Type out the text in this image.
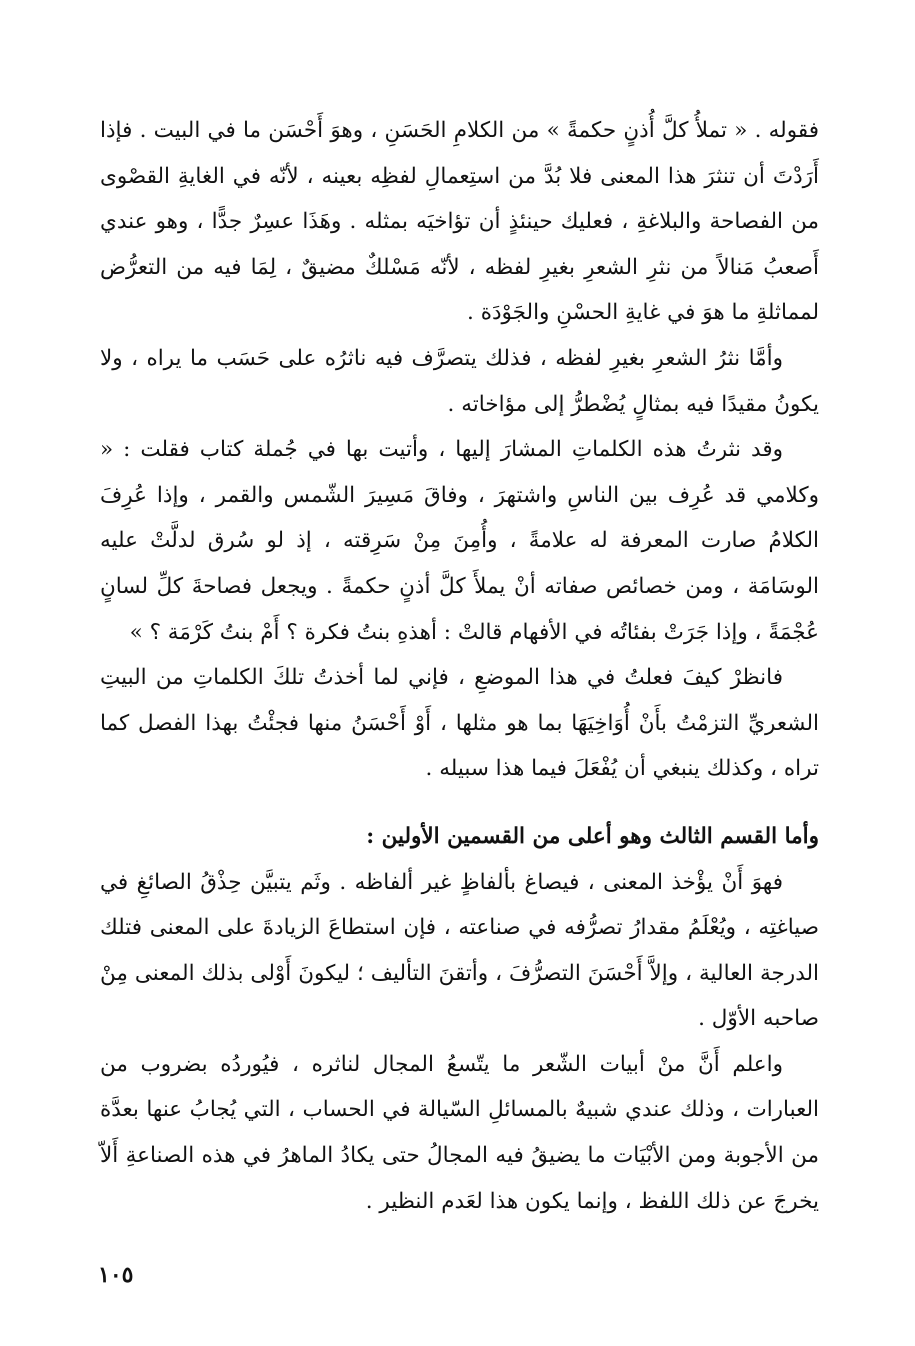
فقوله . « تملأُ كلَّ أُذنٍ حكمةً » من الكلامِ الحَسَنِ ، وهوَ أَحْسَن ما في البيت . فإذا أَرَدْتَ أن تنثرَ هذا المعنى فلا بُدَّ من استِعمالِ لفظِه بعينه ، لأنّه في الغايةِ القصْوى من الفصاحة والبلاغةِ ، فعليك حينئذٍ أن تؤاخيَه بمثله . وهَذَا عسِرٌ جدًّا ، وهو عندي أَصعبُ مَنالاً من نثرِ الشعرِ بغيرِ لفظه ، لأنّه مَسْلكٌ مضيقٌ ، لِمَا فيه من التعرُّض لمماثلةِ ما هوَ في غايةِ الحسْنِ والجَوْدَة .

وأمَّا نثرُ الشعرِ بغيرِ لفظه ، فذلك يتصرَّف فيه ناثرُه على حَسَب ما يراه ، ولا يكونُ مقيدًا فيه بمثالٍ يُضْطرُّ إلى مؤاخاته .

وقد نثرتُ هذه الكلماتِ المشارَ إليها ، وأتيت بها في جُملة كتاب فقلت : « وكلامي قد عُرِف بين الناسِ واشتهرَ ، وفاقَ مَسِيرَ الشّمس والقمر ، وإذا عُرِفَ الكلامُ صارت المعرفة له علامةً ، وأُمِنَ مِنْ سَرِقته ، إذ لو سُرق لدلَّتْ عليه الوسَامَة ، ومن خصائص صفاته أنْ يملأَ كلَّ أذنٍ حكمةً . ويجعل فصاحةَ كلِّ لسانٍ عُجْمَةً ، وإذا جَرَتْ بفئاتُه في الأفهام قالتْ : أهذهِ بنتُ فكرة ؟ أَمْ بنتُ كَرْمَة ؟ »

فانظرْ كيفَ فعلتُ في هذا الموضعِ ، فإني لما أخذتُ تلكَ الكلماتِ من البيتِ الشعريِّ التزمْتُ بأَنْ أُوَاخِيَهَا بما هو مثلها ، أَوْ أَحْسَنُ منها فجئْتُ بهذا الفصل كما تراه ، وكذلك ينبغي أن يُفْعَلَ فيما هذا سبيله .

وأما القسم الثالث وهو أعلى من القسمين الأولين :

فهوَ أَنْ يؤْخذ المعنى ، فيصاغ بألفاظٍ غير ألفاظه . وثَم يتبيَّن حِذْقُ الصائغِ في صياغتِه ، ويُعْلَمُ مقدارُ تصرُّفه في صناعته ، فإن استطاعَ الزيادةَ على المعنى فتلك الدرجة العالية ، وإلاَّ أَحْسَنَ التصرُّفَ ، وأتقنَ التأليف ؛ ليكونَ أَوْلى بذلك المعنى مِنْ صاحبه الأوّل .

واعلم أَنَّ منْ أبيات الشّعر ما يتّسعُ المجال لناثره ، فيُوردُه بضروب من العبارات ، وذلك عندي شبيهٌ بالمسائلِ السّيالة في الحساب ، التي يُجابُ عنها بعدَّة من الأجوبة ومن الأبْيَات ما يضيقُ فيه المجالُ حتى يكادُ الماهرُ في هذه الصناعةِ أَلاّ يخرجَ عن ذلك اللفظ ، وإنما يكون هذا لعَدم النظير .

١٠٥
